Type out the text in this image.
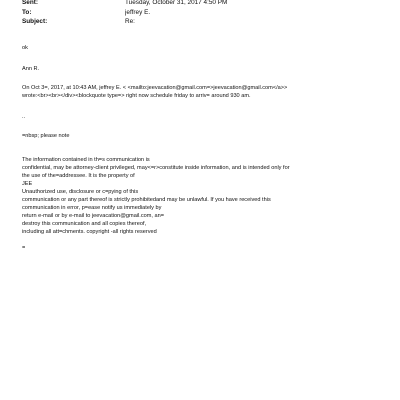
Sent:	Tuesday, October 31, 2017 4:50 PM
To:	jeffrey E.
Subject:	Re:
ok
Ann R.
On Oct 3=, 2017, at 10:43 AM, jeffrey E. < <mailto:jeevacation@gmail.com=>jeevacation@gmail.com</a>>
wrote:<br><br></div><blockquote type=> right now schedule friday to arriv= around 930 am.
..
=nbsp; please note
The information contained in th=s communication is
confidential, may be attorney-client privileged, may<=r>constitute inside information, and is intended only for
the use of the=addressee. It is the property of
JEE
Unauthorized use, disclosure or c=pying of this
communication or any part thereof is strictly prohibitedand may be unlawful. If you have received this
communication in error, p=ease notify us immediately by
return e-mail or by e-mail to jeevacation@gmail.com, an=
destroy this communication and all copies thereof,
including all att=chments. copyright -all rights reserved
=
